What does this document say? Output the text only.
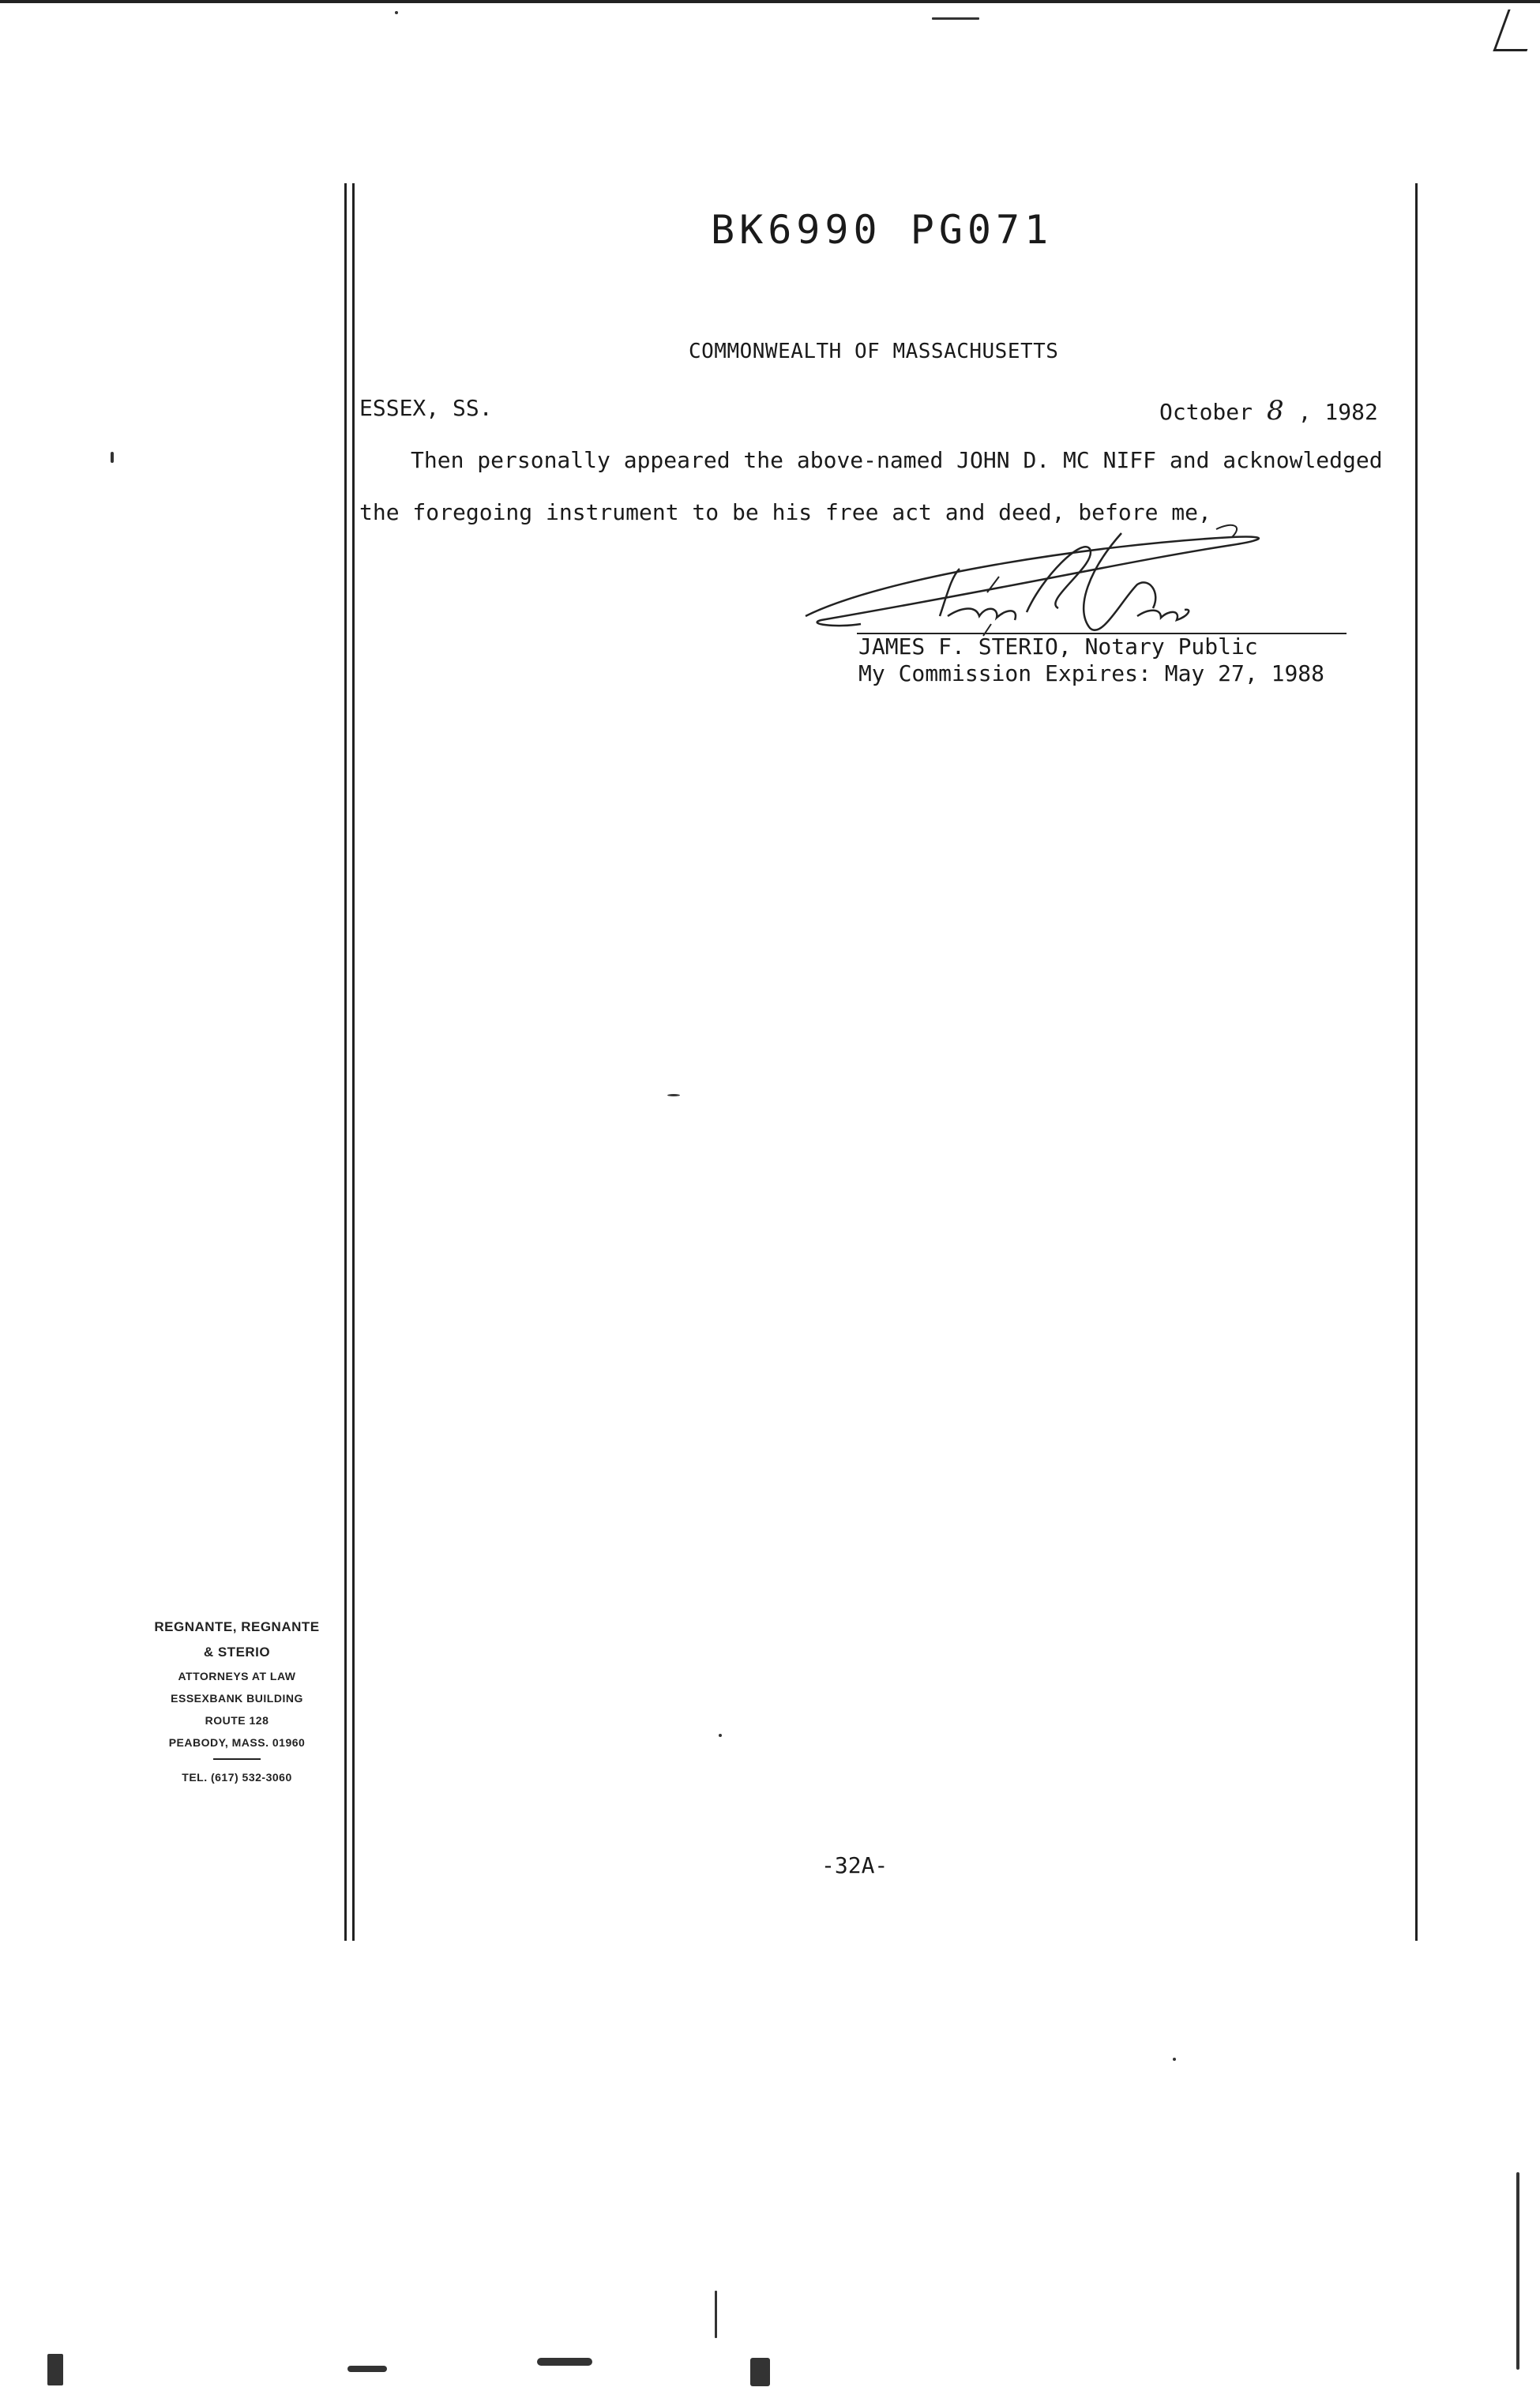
BK6990 PG071
COMMONWEALTH OF MASSACHUSETTS
ESSEX, SS.	October 8 , 1982
Then personally appeared the above-named JOHN D. MC NIFF and acknowledged
the foregoing instrument to be his free act and deed, before me,
JAMES F. STERIO, Notary Public
My Commission Expires: May 27, 1988
REGNANTE, REGNANTE
& STERIO
ATTORNEYS AT LAW
ESSEXBANK BUILDING
ROUTE 128
PEABODY, MASS. 01960
TEL. (617) 532-3060
-32A-
